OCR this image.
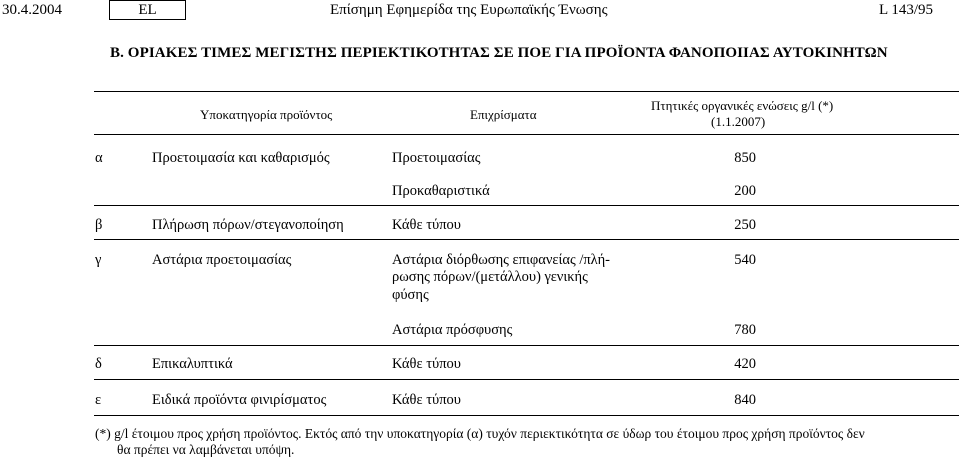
30.4.2004	EL	Επίσημη Εφημερίδα της Ευρωπαϊκής Ένωσης	L 143/95
Β. ΟΡΙΑΚΕΣ ΤΙΜΕΣ ΜΕΓΙΣΤΗΣ ΠΕΡΙΕΚΤΙΚΟΤΗΤΑΣ ΣΕ ΠΟΕ ΓΙΑ ΠΡΟΪΟΝΤΑ ΦΑΝΟΠΟΙΙΑΣ ΑΥΤΟΚΙΝΗΤΩΝ
Υποκατηγορία προϊόντος	Επιχρίσματα
Πτητικές οργανικές ενώσεις g/l (*)
(1.1.2007)
α	Προετοιμασία και καθαρισμός	Προετοιμασίας	850
Προκαθαριστικά	200
β	Πλήρωση πόρων/στεγανοποίηση	Κάθε τύπου	250
γ	Αστάρια προετοιμασίας	Αστάρια διόρθωσης επιφανείας /πλή-
ρωσης πόρων/(μετάλλου) γενικής
φύσης
540
Αστάρια πρόσφυσης	780
δ	Επικαλυπτικά	Κάθε τύπου	420
ε	Ειδικά προϊόντα φινιρίσματος	Κάθε τύπου	840
(*) g/l έτοιμου προς χρήση προϊόντος. Εκτός από την υποκατηγορία (α) τυχόν περιεκτικότητα σε ύδωρ του έτοιμου προς χρήση προϊόντος δεν
θα πρέπει να λαμβάνεται υπόψη.
